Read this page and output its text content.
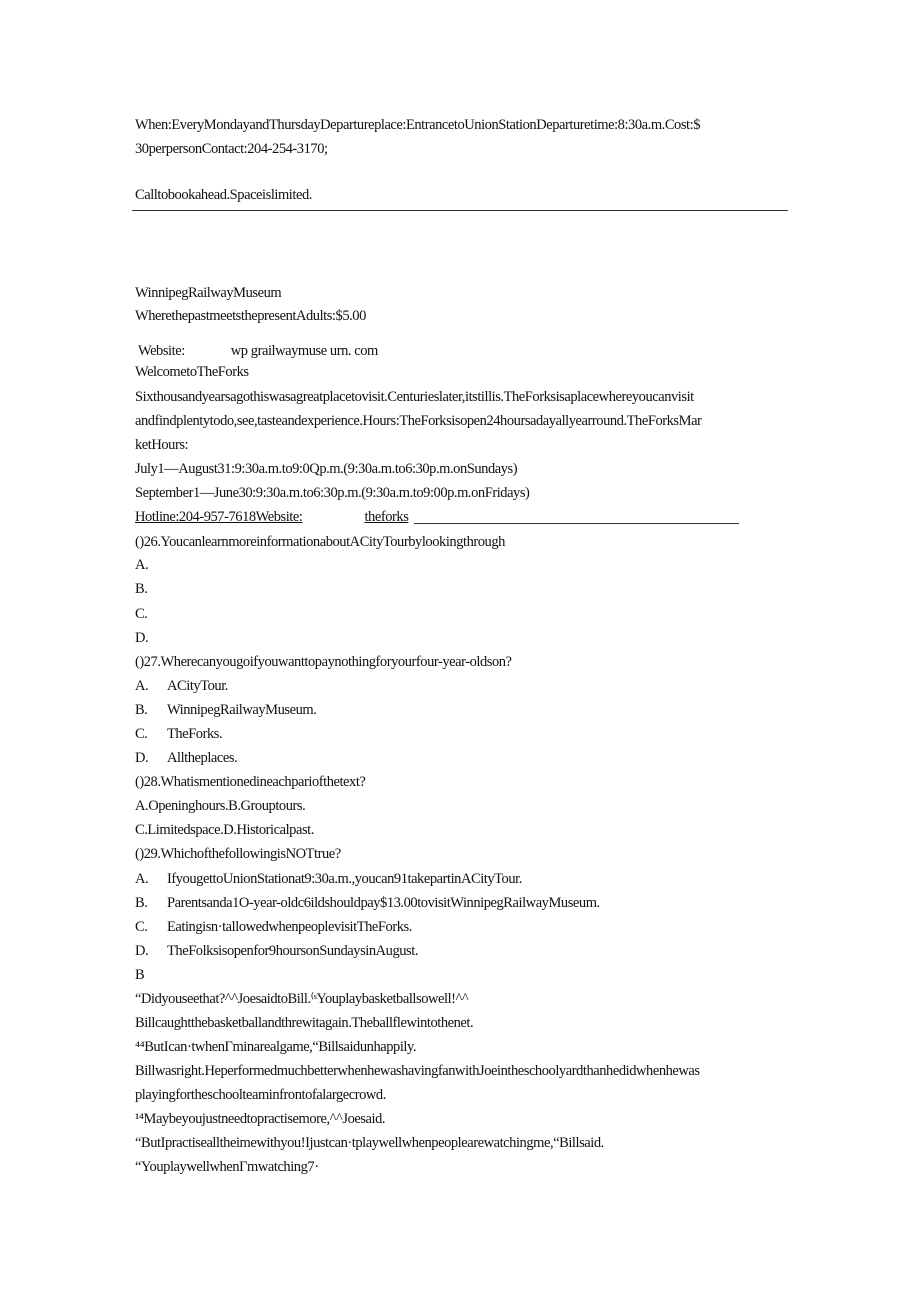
When:EveryMondayandThursdayDepartureplace:EntrancetoUnionStationDeparturetime:8:30a.m.Cost:$
30perpersonContact:204-254-3170;
Calltobookahead.Spaceislimited.
WinnipegRailwayMuseum
WherethepastmeetsthepresentAdults:$5.00
Website:	wp grailwaymuse urn. com
WelcometoTheForks
Sixthousandyearsagothiswasagreatplacetovisit.Centurieslater,itstillis.TheForksisaplacewhereyoucanvisit
andfindplentytodo,see,tasteandexperience.Hours:TheForksisopen24hoursadayallyearround.TheForksMar
ketHours:
July1—August31:9:30a.m.to9:0Qp.m.(9:30a.m.to6:30p.m.onSundays)
September1—June30:9:30a.m.to6:30p.m.(9:30a.m.to9:00p.m.onFridays)
Hotline:204-957-7618Website:	theforks
()26.YoucanlearnmoreinformationaboutACityTourbylookingthrough
A.
B.
C.
D.
()27.Wherecanyougoifyouwanttopaynothingforyourfour-year-oldson?
A. ACityTour.
B. WinnipegRailwayMuseum.
C. TheForks.
D. Alltheplaces.
()28.Whatismentionedineachpariofthetext?
A.Openinghours.B.Grouptours.
C.Limitedspace.D.Historicalpast.
()29.WhichofthefollowingisNOTtrue?
A. IfyougettoUnionStationat9:30a.m.,youcan91takepartinACityTour.
B. Parentsanda1O-year-oldc6ildshouldpay$13.00tovisitWinnipegRailwayMuseum.
C. Eatingisn·tallowedwhenpeoplevisitTheForks.
D. TheFolksisopenfor9hoursonSundaysinAugust.
B
“Didyouseethat?^^JoesaidtoBill.⁽ˢYouplaybasketballsowell!^^
Billcaughtthebasketballandthrewitagain.Theballflewintothenet.
⁴⁴ButIcan·twhenΓminarealgame,“Billsaidunhappily.
Billwasright.HeperformedmuchbetterwhenhewashavingfanwithJoeintheschoolyardthanhedidwhenhewas
playingfortheschoolteaminfrontofalargecrowd.
¹⁴Maybeyoujustneedtopractisemore,^^Joesaid.
“ButIpractisealltheimewithyou!Ijustcan·tplaywellwhenpeoplearewatchingme,“Billsaid.
“YouplaywellwhenΓmwatching7·
